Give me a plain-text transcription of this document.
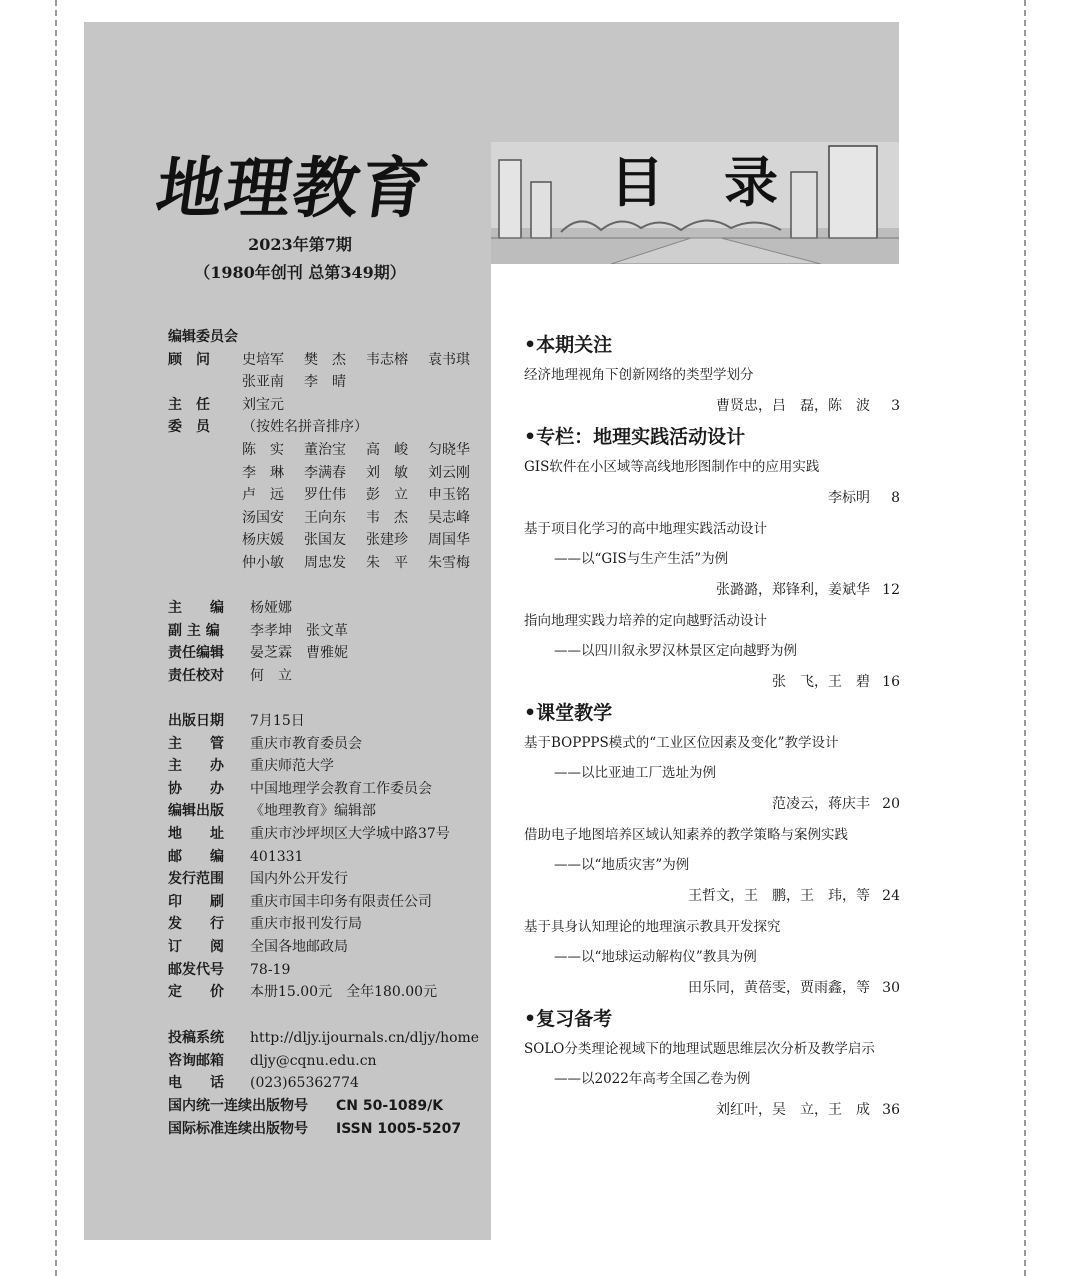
地理教育	目录
2023年第7期
（1980年创刊 总第349期）
编辑委员会
顾　问	史培军	樊　杰	韦志榕	袁书琪
张亚南	李　晴
主　任	刘宝元
委　员	（按姓名拼音排序）
陈　实	董治宝	高　峻	匀晓华
李　琳	李满春	刘　敏	刘云刚
卢　远	罗仕伟	彭　立	申玉铭
汤国安	王向东	韦　杰	吴志峰
杨庆媛	张国友	张建珍	周国华
仲小敏	周忠发	朱　平	朱雪梅
主　　编	杨娅娜
副 主 编	李孝坤　张文革
责任编辑	晏芝霖　曹雅妮
责任校对	何　立
出版日期	7月15日
主　　管	重庆市教育委员会
主　　办	重庆师范大学
协　　办	中国地理学会教育工作委员会
编辑出版	《地理教育》编辑部
地　　址	重庆市沙坪坝区大学城中路37号
邮　　编	401331
发行范围	国内外公开发行
印　　刷	重庆市国丰印务有限责任公司
发　　行	重庆市报刊发行局
订　　阅	全国各地邮政局
邮发代号	78-19
定　　价	本册15.00元　全年180.00元
投稿系统	http://dljy.ijournals.cn/dljy/home
咨询邮箱	dljy@cqnu.edu.cn
电　　话	(023)65362774
国内统一连续出版物号	CN 50-1089/K
国际标准连续出版物号	ISSN 1005-5207
•本期关注
经济地理视角下创新网络的类型学划分
曹贤忠，吕　磊，陈　波	3
•专栏：地理实践活动设计
GIS软件在小区域等高线地形图制作中的应用实践
李标明	8
基于项目化学习的高中地理实践活动设计
——以“GIS与生产生活”为例
张潞潞，郑锋利，姜斌华 12
指向地理实践力培养的定向越野活动设计
——以四川叙永罗汉林景区定向越野为例
张　飞，王　碧 16
•课堂教学
基于BOPPPS模式的“工业区位因素及变化”教学设计
——以比亚迪工厂选址为例
范凌云，蒋庆丰 20
借助电子地图培养区域认知素养的教学策略与案例实践
——以“地质灾害”为例
王哲文，王　鹏，王　玮，等 24
基于具身认知理论的地理演示教具开发探究
——以“地球运动解构仪”教具为例
田乐同，黄蓓雯，贾雨鑫，等 30
•复习备考
SOLO分类理论视域下的地理试题思维层次分析及教学启示
——以2022年高考全国乙卷为例
刘红叶，吴　立，王　成 36
